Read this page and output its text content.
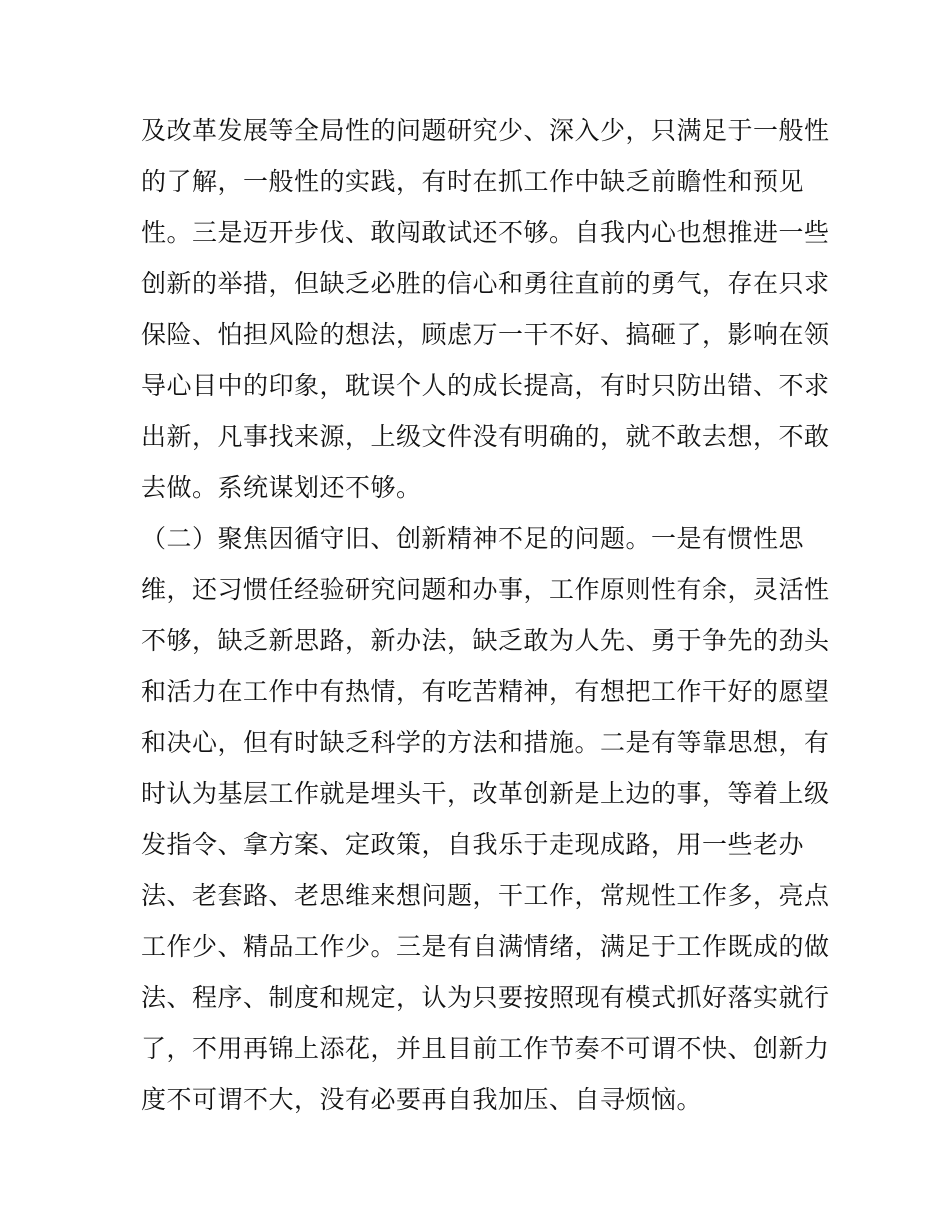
及改革发展等全局性的问题研究少、深入少，只满足于一般性
的了解，一般性的实践，有时在抓工作中缺乏前瞻性和预见
性。三是迈开步伐、敢闯敢试还不够。自我内心也想推进一些
创新的举措，但缺乏必胜的信心和勇往直前的勇气，存在只求
保险、怕担风险的想法，顾虑万一干不好、搞砸了，影响在领
导心目中的印象，耽误个人的成长提高，有时只防出错、不求
出新，凡事找来源，上级文件没有明确的，就不敢去想，不敢
去做。系统谋划还不够。
（二）聚焦因循守旧、创新精神不足的问题。一是有惯性思
维，还习惯任经验研究问题和办事，工作原则性有余，灵活性
不够，缺乏新思路，新办法，缺乏敢为人先、勇于争先的劲头
和活力在工作中有热情，有吃苦精神，有想把工作干好的愿望
和决心，但有时缺乏科学的方法和措施。二是有等靠思想，有
时认为基层工作就是埋头干，改革创新是上边的事，等着上级
发指令、拿方案、定政策，自我乐于走现成路，用一些老办
法、老套路、老思维来想问题，干工作，常规性工作多，亮点
工作少、精品工作少。三是有自满情绪，满足于工作既成的做
法、程序、制度和规定，认为只要按照现有模式抓好落实就行
了，不用再锦上添花，并且目前工作节奏不可谓不快、创新力
度不可谓不大，没有必要再自我加压、自寻烦恼。
